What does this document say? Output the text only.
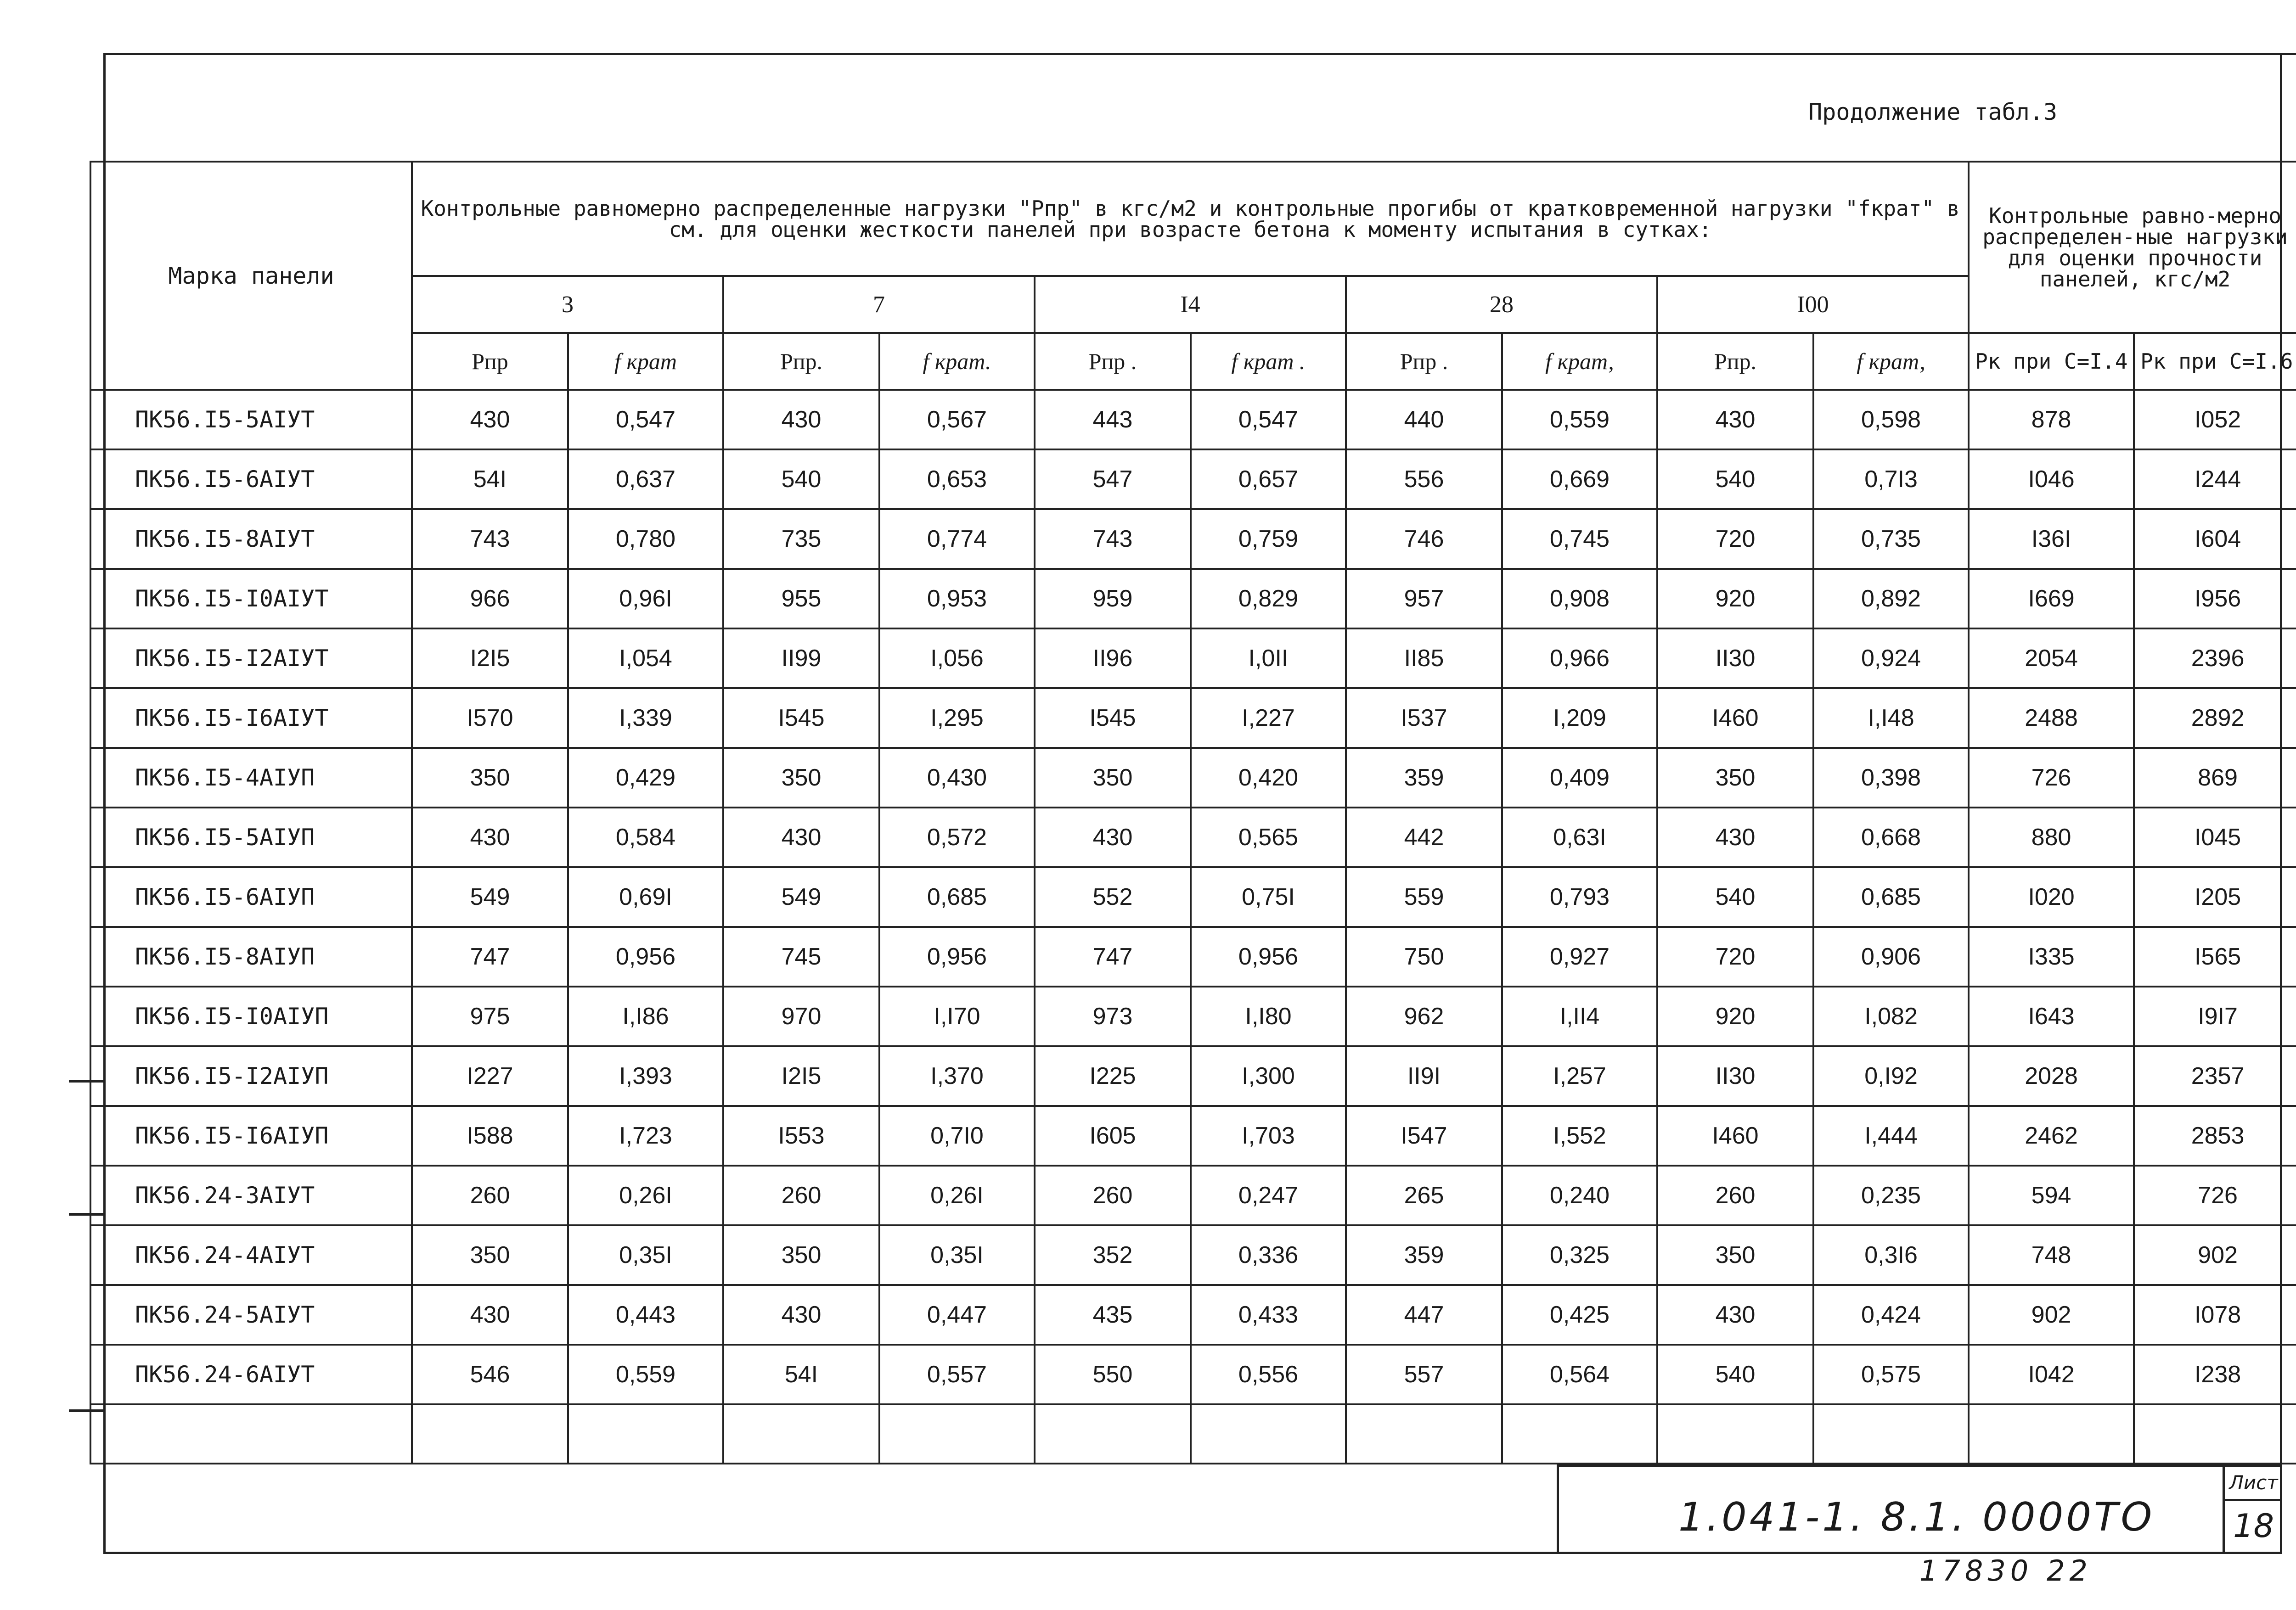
Продолжение табл.3
Марка панели	Контрольные равномерно распределенные нагрузки "Рпр" в кгс/м2 и контрольные прогибы от кратковременной нагрузки "fкрат" в см. для оценки жесткости панелей при возрасте бетона к моменту испытания в сутках:										Контрольные равно-мерно распределен-ные нагрузки для оценки прочности панелей, кгс/м2	
	3		7		I4		28		I00			
	Рпр	f крат	Рпр.	f крат.	Рпр .	f крат .	Рпр .	f крат,	Рпр.	f крат,	Рк при С=I.4	Рк при С=I.6
ПК56.I5-5AIУТ	430	0,547	430	0,567	443	0,547	440	0,559	430	0,598	878	I052
ПК56.I5-6AIУТ	54I	0,637	540	0,653	547	0,657	556	0,669	540	0,7I3	I046	I244
ПК56.I5-8AIУТ	743	0,780	735	0,774	743	0,759	746	0,745	720	0,735	I36I	I604
ПК56.I5-I0AIУТ	966	0,96I	955	0,953	959	0,829	957	0,908	920	0,892	I669	I956
ПК56.I5-I2AIУТ	I2I5	I,054	II99	I,056	II96	I,0II	II85	0,966	II30	0,924	2054	2396
ПК56.I5-I6AIУТ	I570	I,339	I545	I,295	I545	I,227	I537	I,209	I460	I,I48	2488	2892
ПК56.I5-4AIУП	350	0,429	350	0,430	350	0,420	359	0,409	350	0,398	726	869
ПК56.I5-5AIУП	430	0,584	430	0,572	430	0,565	442	0,63I	430	0,668	880	I045
ПК56.I5-6AIУП	549	0,69I	549	0,685	552	0,75I	559	0,793	540	0,685	I020	I205
ПК56.I5-8AIУП	747	0,956	745	0,956	747	0,956	750	0,927	720	0,906	I335	I565
ПК56.I5-I0AIУП	975	I,I86	970	I,I70	973	I,I80	962	I,II4	920	I,082	I643	I9I7
ПК56.I5-I2AIУП	I227	I,393	I2I5	I,370	I225	I,300	II9I	I,257	II30	0,I92	2028	2357
ПК56.I5-I6AIУП	I588	I,723	I553	0,7I0	I605	I,703	I547	I,552	I460	I,444	2462	2853
ПК56.24-3AIУТ	260	0,26I	260	0,26I	260	0,247	265	0,240	260	0,235	594	726
ПК56.24-4AIУТ	350	0,35I	350	0,35I	352	0,336	359	0,325	350	0,3I6	748	902
ПК56.24-5AIУТ	430	0,443	430	0,447	435	0,433	447	0,425	430	0,424	902	I078
ПК56.24-6AIУТ	546	0,559	54I	0,557	550	0,556	557	0,564	540	0,575	I042	I238

1.041-1. 8.1. 0000ТО
Лист
18
17830 22
